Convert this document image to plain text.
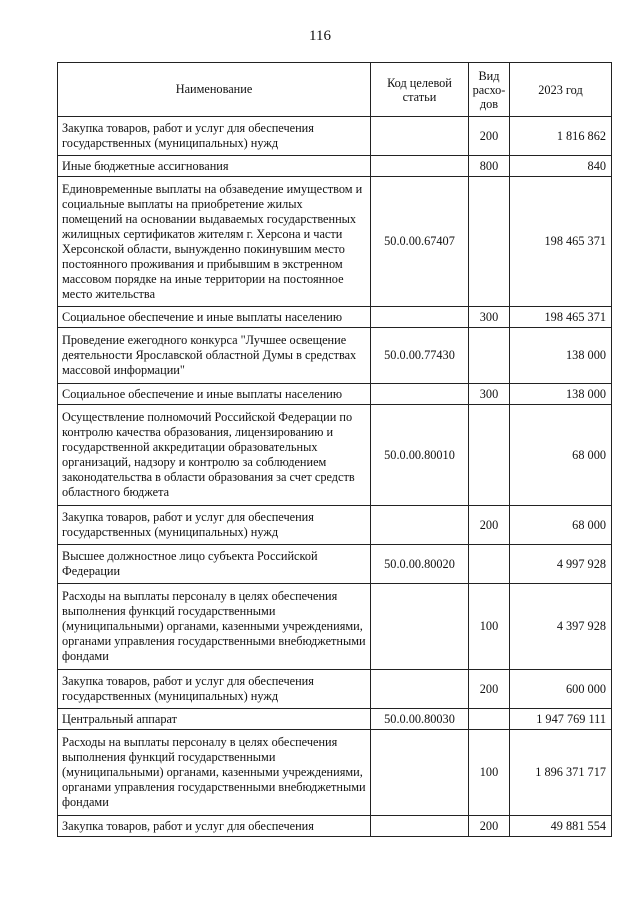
116
Наименование	Код целевой статьи	Вид расхо-дов	2023 год
Закупка товаров, работ и услуг для обеспечения государственных (муниципальных) нужд		200	1 816 862
Иные бюджетные ассигнования		800	840
Единовременные выплаты на обзаведение имуществом и социальные выплаты на приобретение жилых помещений на основании выдаваемых государственных жилищных сертификатов жителям г. Херсона и части Херсонской области, вынужденно покинувшим место постоянного проживания и прибывшим в экстренном массовом порядке на иные территории на постоянное место жительства	50.0.00.67407		198 465 371
Социальное обеспечение и иные выплаты населению		300	198 465 371
Проведение ежегодного конкурса "Лучшее освещение деятельности Ярославской областной Думы в средствах массовой информации"	50.0.00.77430		138 000
Социальное обеспечение и иные выплаты населению		300	138 000
Осуществление полномочий Российской Федерации по контролю качества образования, лицензированию и государственной аккредитации образовательных организаций, надзору и контролю за соблюдением законодательства в области образования за счет средств областного бюджета	50.0.00.80010		68 000
Закупка товаров, работ и услуг для обеспечения государственных (муниципальных) нужд		200	68 000
Высшее должностное лицо субъекта Российской Федерации	50.0.00.80020		4 997 928
Расходы на выплаты персоналу в целях обеспечения выполнения функций государственными (муниципальными) органами, казенными учреждениями, органами управления государственными внебюджетными фондами		100	4 397 928
Закупка товаров, работ и услуг для обеспечения государственных (муниципальных) нужд		200	600 000
Центральный аппарат	50.0.00.80030		1 947 769 111
Расходы на выплаты персоналу в целях обеспечения выполнения функций государственными (муниципальными) органами, казенными учреждениями, органами управления государственными внебюджетными фондами		100	1 896 371 717
Закупка товаров, работ и услуг для обеспечения		200	49 881 554
